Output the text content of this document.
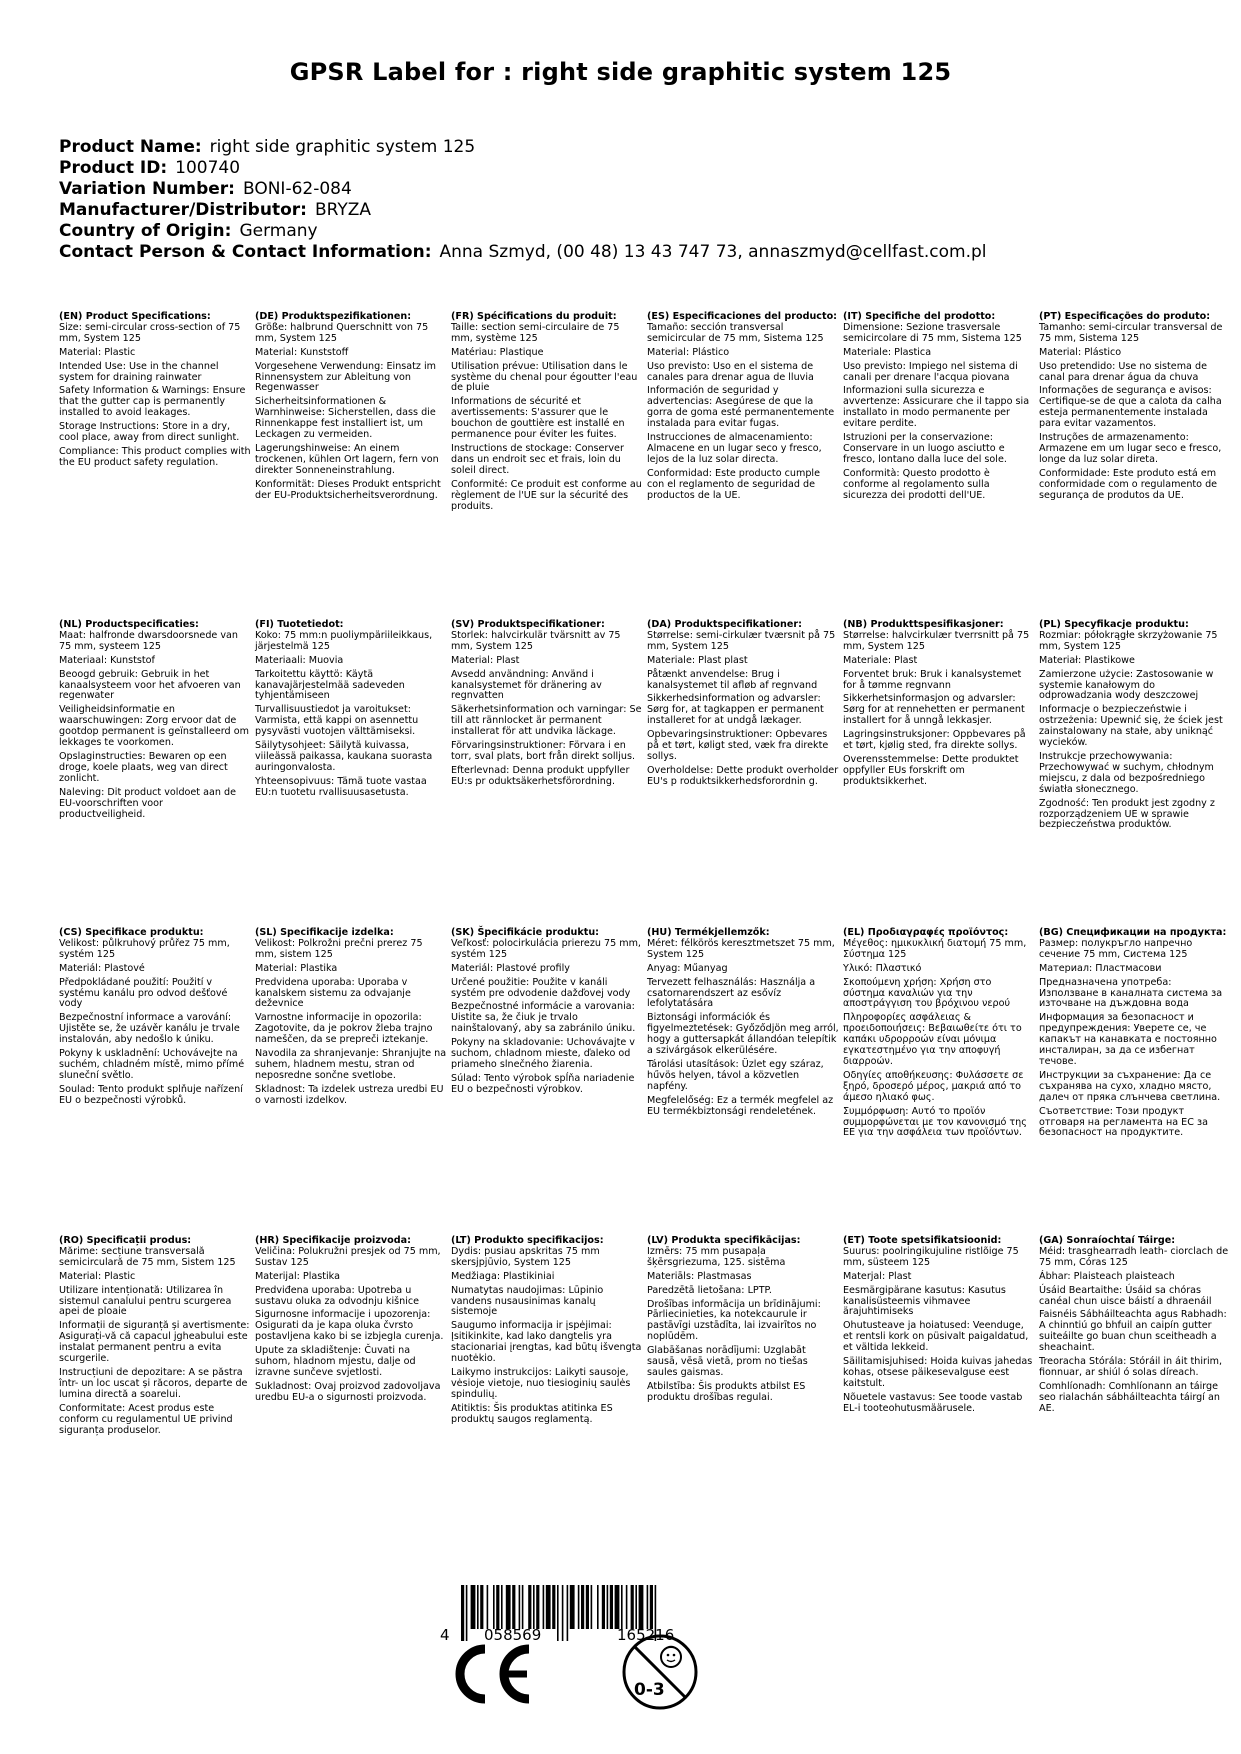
GPSR Label for : right side graphitic system 125
Product Name: right side graphitic system 125
Product ID: 100740
Variation Number: BONI-62-084
Manufacturer/Distributor: BRYZA
Country of Origin: Germany
Contact Person & Contact Information: Anna Szmyd, (00 48) 13 43 747 73, annaszmyd@cellfast.com.pl
(EN) Product Specifications:
Size: semi-circular cross-section of 75 mm, System 125
Material: Plastic
Intended Use: Use in the channel system for draining rainwater
Safety Information & Warnings: Ensure that the gutter cap is permanently installed to avoid leakages.
Storage Instructions: Store in a dry, cool place, away from direct sunlight.
Compliance: This product complies with the EU product safety regulation.
(DE) Produktspezifikationen:
Größe: halbrund Querschnitt von 75 mm, System 125
Material: Kunststoff
Vorgesehene Verwendung: Einsatz im Rinnensystem zur Ableitung von Regenwasser
Sicherheitsinformationen & Warnhinweise: Sicherstellen, dass die Rinnenkappe fest installiert ist, um Leckagen zu vermeiden.
Lagerungshinweise: An einem trockenen, kühlen Ort lagern, fern von direkter Sonneneinstrahlung.
Konformität: Dieses Produkt entspricht der EU-Produktsicherheitsverordnung.
(FR) Spécifications du produit:
Taille: section semi-circulaire de 75 mm, système 125
Matériau: Plastique
Utilisation prévue: Utilisation dans le système du chenal pour égoutter l'eau de pluie
Informations de sécurité et avertissements: S'assurer que le bouchon de gouttière est installé en permanence pour éviter les fuites.
Instructions de stockage: Conserver dans un endroit sec et frais, loin du soleil direct.
Conformité: Ce produit est conforme au règlement de l'UE sur la sécurité des produits.
(ES) Especificaciones del producto:
Tamaño: sección transversal semicircular de 75 mm, Sistema 125
Material: Plástico
Uso previsto: Uso en el sistema de canales para drenar agua de lluvia
Información de seguridad y advertencias: Asegúrese de que la gorra de goma esté permanentemente instalada para evitar fugas.
Instrucciones de almacenamiento: Almacene en un lugar seco y fresco, lejos de la luz solar directa.
Conformidad: Este producto cumple con el reglamento de seguridad de productos de la UE.
(IT) Specifiche del prodotto:
Dimensione: Sezione trasversale semicircolare di 75 mm, Sistema 125
Materiale: Plastica
Uso previsto: Impiego nel sistema di canali per drenare l'acqua piovana
Informazioni sulla sicurezza e avvertenze: Assicurare che il tappo sia installato in modo permanente per evitare perdite.
Istruzioni per la conservazione: Conservare in un luogo asciutto e fresco, lontano dalla luce del sole.
Conformità: Questo prodotto è conforme al regolamento sulla sicurezza dei prodotti dell'UE.
(PT) Especificações do produto:
Tamanho: semi-circular transversal de 75 mm, Sistema 125
Material: Plástico
Uso pretendido: Use no sistema de canal para drenar água da chuva
Informações de segurança e avisos: Certifique-se de que a calota da calha esteja permanentemente instalada para evitar vazamentos.
Instruções de armazenamento: Armazene em um lugar seco e fresco, longe da luz solar direta.
Conformidade: Este produto está em conformidade com o regulamento de segurança de produtos da UE.
(NL) Productspecificaties:
Maat: halfronde dwarsdoorsnede van 75 mm, systeem 125
Materiaal: Kunststof
Beoogd gebruik: Gebruik in het kanaalsysteem voor het afvoeren van regenwater
Veiligheidsinformatie en waarschuwingen: Zorg ervoor dat de gootdop permanent is geïnstalleerd om lekkages te voorkomen.
Opslaginstructies: Bewaren op een droge, koele plaats, weg van direct zonlicht.
Naleving: Dit product voldoet aan de EU-voorschriften voor productveiligheid.
(FI) Tuotetiedot:
Koko: 75 mm:n puoliympäriileikkaus, järjestelmä 125
Materiaali: Muovia
Tarkoitettu käyttö: Käytä kanavajärjestelmää sadeveden tyhjentämiseen
Turvallisuustiedot ja varoitukset: Varmista, että kappi on asennettu pysyvästi vuotojen välttämiseksi.
Säilytysohjeet: Säilytä kuivassa, viileässä paikassa, kaukana suorasta auringonvalosta.
Yhteensopivuus: Tämä tuote vastaa EU:n tuotetu rvallisuusasetusta.
(SV) Produktspecifikationer:
Storlek: halvcirkulär tvärsnitt av 75 mm, System 125
Material: Plast
Avsedd användning: Använd i kanalsystemet för dränering av regnvatten
Säkerhetsinformation och varningar: Se till att rännlocket är permanent installerat för att undvika läckage.
Förvaringsinstruktioner: Förvara i en torr, sval plats, bort från direkt solljus.
Efterlevnad: Denna produkt uppfyller EU:s pr oduktsäkerhetsförordning.
(DA) Produktspecifikationer:
Størrelse: semi-cirkulær tværsnit på 75 mm, System 125
Materiale: Plast plast
Påtænkt anvendelse: Brug i kanalsystemet til afløb af regnvand
Sikkerhedsinformation og advarsler: Sørg for, at tagkappen er permanent installeret for at undgå lækager.
Opbevaringsinstruktioner: Opbevares på et tørt, køligt sted, væk fra direkte sollys.
Overholdelse: Dette produkt overholder EU's p roduktsikkerhedsforordnin g.
(NB) Produkttspesifikasjoner:
Størrelse: halvcirkulær tverrsnitt på 75 mm, System 125
Materiale: Plast
Forventet bruk: Bruk i kanalsystemet for å tømme regnvann
Sikkerhetsinformasjon og advarsler: Sørg for at rennehetten er permanent installert for å unngå lekkasjer.
Lagringsinstruksjoner: Oppbevares på et tørt, kjølig sted, fra direkte sollys.
Overensstemmelse: Dette produktet oppfyller EUs forskrift om produktsikkerhet.
(PL) Specyfikacje produktu:
Rozmiar: półokrągłe skrzyżowanie 75 mm, System 125
Materiał: Plastikowe
Zamierzone użycie: Zastosowanie w systemie kanałowym do odprowadzania wody deszczowej
Informacje o bezpieczeństwie i ostrzeżenia: Upewnić się, że ściek jest zainstalowany na stałe, aby uniknąć wycieków.
Instrukcje przechowywania: Przechowywać w suchym, chłodnym miejscu, z dala od bezpośredniego światła słonecznego.
Zgodność: Ten produkt jest zgodny z rozporządzeniem UE w sprawie bezpieczeństwa produktów.
(CS) Specifikace produktu:
Velikost: půlkruhový průřez 75 mm, systém 125
Materiál: Plastové
Předpokládané použití: Použití v systému kanálu pro odvod dešťové vody
Bezpečnostní informace a varování: Ujistěte se, že uzávěr kanálu je trvale instalován, aby nedošlo k úniku.
Pokyny k uskladnění: Uchovávejte na suchém, chladném místě, mimo přímé sluneční světlo.
Soulad: Tento produkt splňuje nařízení EU o bezpečnosti výrobků.
(SL) Specifikacije izdelka:
Velikost: Polkrožni prečni prerez 75 mm, sistem 125
Material: Plastika
Predvidena uporaba: Uporaba v kanalskem sistemu za odvajanje deževnice
Varnostne informacije in opozorila: Zagotovite, da je pokrov žleba trajno nameščen, da se prepreči iztekanje.
Navodila za shranjevanje: Shranjujte na suhem, hladnem mestu, stran od neposredne sončne svetlobe.
Skladnost: Ta izdelek ustreza uredbi EU o varnosti izdelkov.
(SK) Špecifikácie produktu:
Veľkosť: polocirkulácia prierezu 75 mm, systém 125
Materiál: Plastové profily
Určené použitie: Použite v kanáli systém pre odvodenie dažďovej vody
Bezpečnostné informácie a varovania: Uistite sa, že čiuk je trvalo nainštalovaný, aby sa zabránilo úniku.
Pokyny na skladovanie: Uchovávajte v suchom, chladnom mieste, ďaleko od priameho slnečného žiarenia.
Súlad: Tento výrobok spĺňa nariadenie EU o bezpečnosti výrobkov.
(HU) Termékjellemzők:
Méret: félkörös keresztmetszet 75 mm, System 125
Anyag: Műanyag
Tervezett felhasználás: Használja a csatornarendszert az esővíz lefolytatására
Biztonsági információk és figyelmeztetések: Győződjön meg arról, hogy a guttersapkát állandóan telepítik a szivárgások elkerülésére.
Tárolási utasítások: Üzlet egy száraz, hűvös helyen, távol a közvetlen napfény.
Megfelelőség: Ez a termék megfelel az EU termékbiztonsági rendeletének.
(EL) Προδιαγραφές προϊόντος:
Μέγεθος: ημικυκλική διατομή 75 mm, Σύστημα 125
Υλικό: Πλαστικό
Σκοπούμενη χρήση: Χρήση στο σύστημα καναλιών για την αποστράγγιση του βρόχινου νερού
Πληροφορίες ασφάλειας & προειδοποιήσεις: Βεβαιωθείτε ότι το καπάκι υδρορροών είναι μόνιμα εγκατεστημένο για την αποφυγή διαρροών.
Οδηγίες αποθήκευσης: Φυλάσσετε σε ξηρό, δροσερό μέρος, μακριά από το άμεσο ηλιακό φως.
Συμμόρφωση: Αυτό το προϊόν συμμορφώνεται με τον κανονισμό της ΕΕ για την ασφάλεια των προϊόντων.
(BG) Спецификации на продукта:
Размер: полукръгло напречно сечение 75 mm, Система 125
Материал: Пластмасови
Предназначена употреба: Използване в каналната система за източване на дъждовна вода
Информация за безопасност и предупреждения: Уверете се, че капакът на канавката е постоянно инсталиран, за да се избегнат течове.
Инструкции за съхранение: Да се съхранява на сухо, хладно място, далеч от пряка слънчева светлина.
Съответствие: Този продукт отговаря на регламента на ЕС за безопасност на продуктите.
(RO) Specificații produs:
Mărime: secțiune transversală semicirculară de 75 mm, Sistem 125
Material: Plastic
Utilizare intenționată: Utilizarea în sistemul canalului pentru scurgerea apei de ploaie
Informații de siguranță și avertismente: Asigurați-vă că capacul jgheabului este instalat permanent pentru a evita scurgerile.
Instrucțiuni de depozitare: A se păstra într- un loc uscat și răcoros, departe de lumina directă a soarelui.
Conformitate: Acest produs este conform cu regulamentul UE privind siguranța produselor.
(HR) Specifikacije proizvoda:
Veličina: Polukružni presjek od 75 mm, Sustav 125
Materijal: Plastika
Predviđena uporaba: Upotreba u sustavu oluka za odvodnju kišnice
Sigurnosne informacije i upozorenja: Osigurati da je kapa oluka čvrsto postavljena kako bi se izbjegla curenja.
Upute za skladištenje: Čuvati na suhom, hladnom mjestu, dalje od izravne sunčeve svjetlosti.
Sukladnost: Ovaj proizvod zadovoljava uredbu EU-a o sigurnosti proizvoda.
(LT) Produkto specifikacijos:
Dydis: pusiau apskritas 75 mm skersjpjūvio, System 125
Medžiaga: Plastikiniai
Numatytas naudojimas: Lūpinio vandens nusausinimas kanalų sistemoje
Saugumo informacija ir įspėjimai: Įsitikinkite, kad lako dangtelis yra stacionariai įrengtas, kad būtų išvengta nuotėkio.
Laikymo instrukcijos: Laikyti sausoje, vėsioje vietoje, nuo tiesioginių saulės spindulių.
Atitiktis: Šis produktas atitinka ES produktų saugos reglamentą.
(LV) Produkta specifikācijas:
Izmērs: 75 mm pusapaļa šķērsgriezuma, 125. sistēma
Materiāls: Plastmasas
Paredzētā lietošana: LPTP.
Drošības informācija un brīdinājumi: Pārliecinieties, ka notekcaurule ir pastāvīgi uzstādīta, lai izvairītos no noplūdēm.
Glabāšanas norādījumi: Uzglabāt sausā, vēsā vietā, prom no tiešas saules gaismas.
Atbilstība: Šis produkts atbilst ES produktu drošības regulai.
(ET) Toote spetsifikatsioonid:
Suurus: poolringikujuline ristlõige 75 mm, süsteem 125
Materjal: Plast
Eesmärgipärane kasutus: Kasutus kanalisüsteemis vihmavee ärajuhtimiseks
Ohutusteave ja hoiatused: Veenduge, et rentsli kork on püsivalt paigaldatud, et vältida lekkeid.
Säilitamisjuhised: Hoida kuivas jahedas kohas, otsese päikesevalguse eest kaitstult.
Nõuetele vastavus: See toode vastab EL-i tooteohutusmäärusele.
(GA) Sonraíochtaí Táirge:
Méid: trasghearradh leath- ciorclach de 75 mm, Córas 125
Ábhar: Plaisteach plaisteach
Úsáid Beartaithe: Úsáid sa chóras canéal chun uisce báistí a dhraenáil
Faisnéis Sábháilteachta agus Rabhadh: A chinntiú go bhfuil an caipín gutter suiteáilte go buan chun sceitheadh a sheachaint.
Treoracha Stórála: Stóráil in áit thirim, fionnuar, ar shiúl ó solas díreach.
Comhlíonadh: Comhlíonann an táirge seo rialachán sábháilteachta táirgí an AE.
4 058569	165216
0-3
